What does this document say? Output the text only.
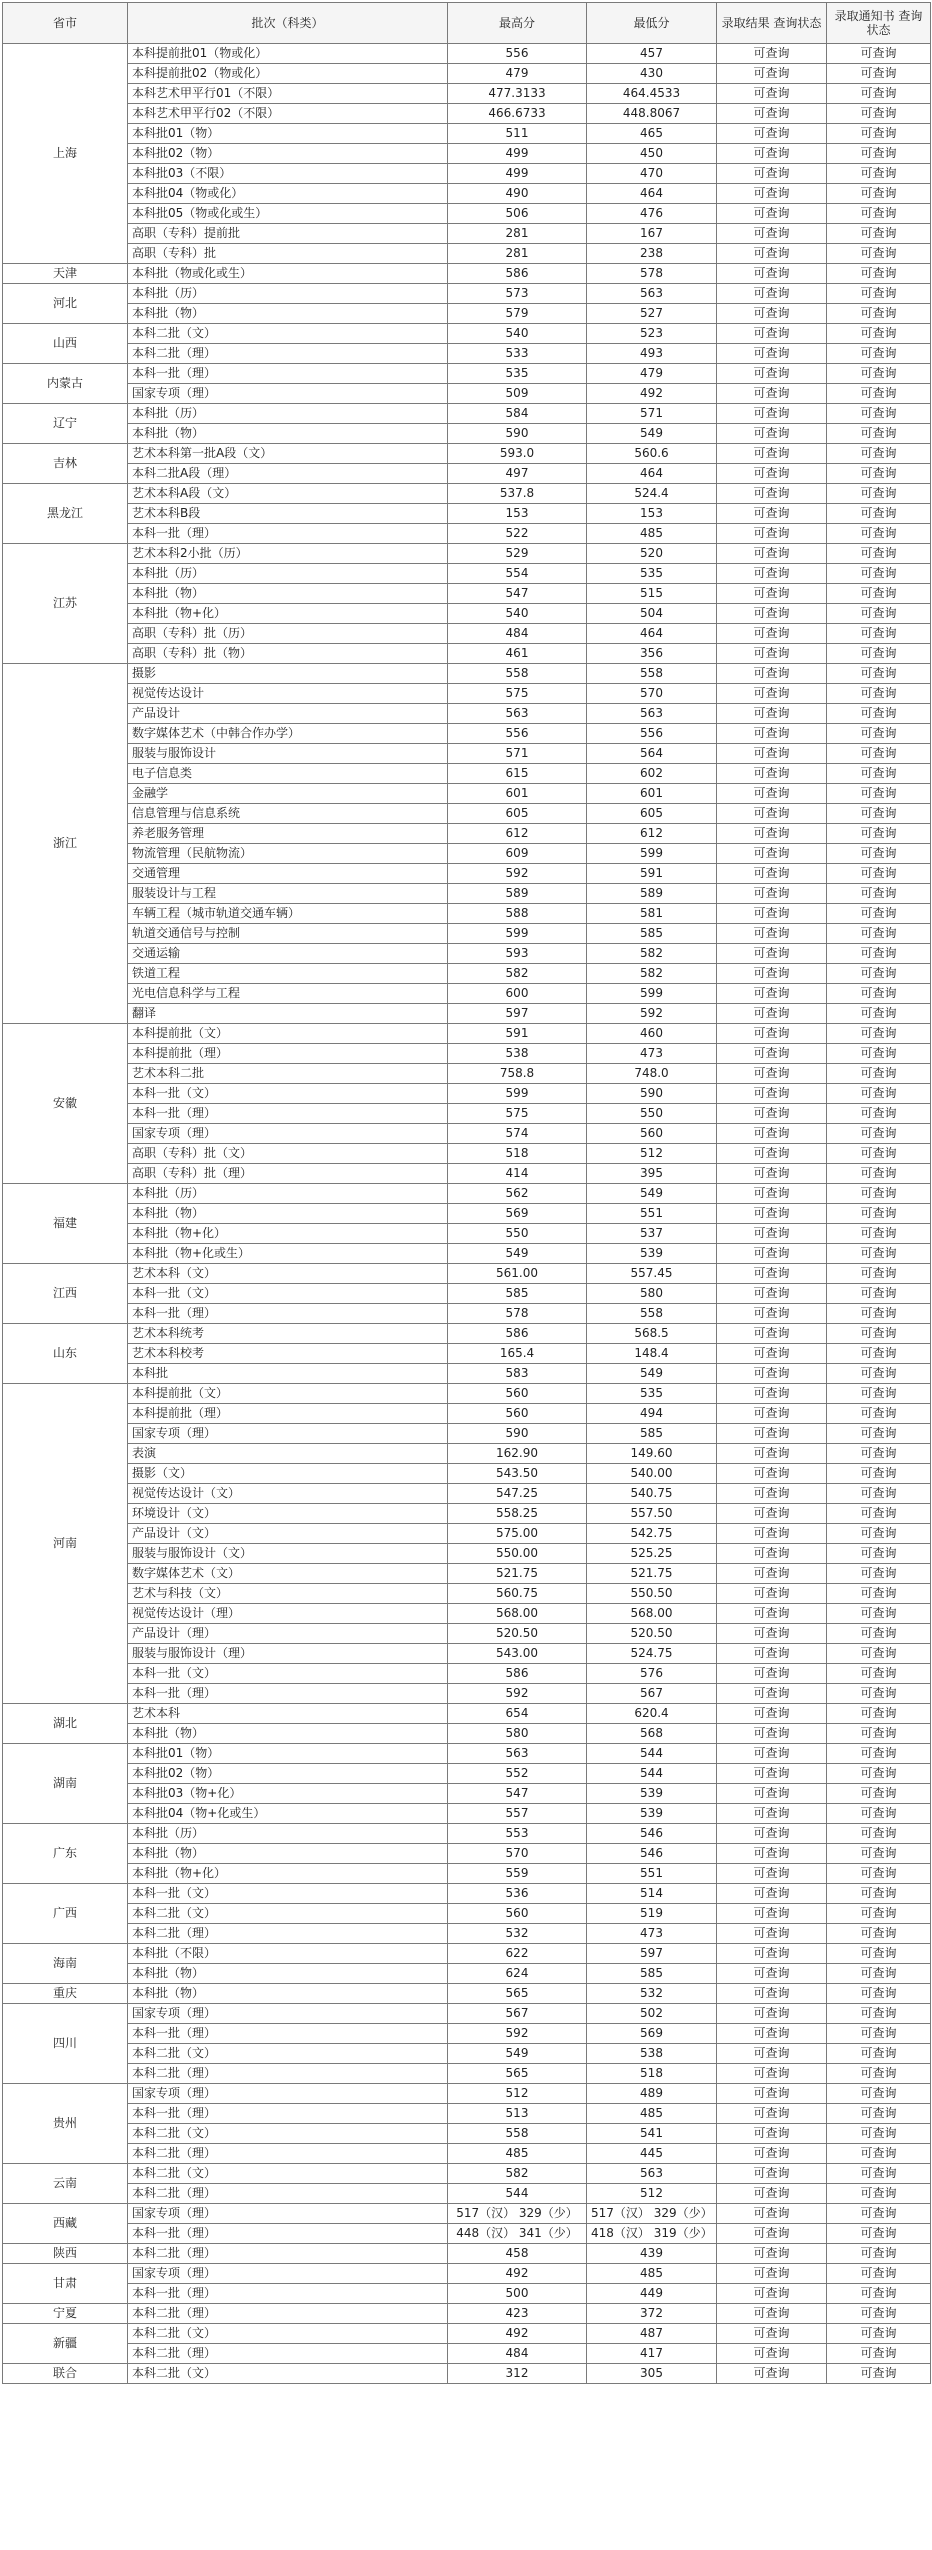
省市	批次（科类）	最高分	最低分	录取结果 查询状态	录取通知书 查询状态
上海	本科提前批01（物或化）	556	457	可查询	可查询
	本科提前批02（物或化）	479	430	可查询	可查询
	本科艺术甲平行01（不限）	477.3133	464.4533	可查询	可查询
	本科艺术甲平行02（不限）	466.6733	448.8067	可查询	可查询
	本科批01（物）	511	465	可查询	可查询
	本科批02（物）	499	450	可查询	可查询
	本科批03（不限）	499	470	可查询	可查询
	本科批04（物或化）	490	464	可查询	可查询
	本科批05（物或化或生）	506	476	可查询	可查询
	高职（专科）提前批	281	167	可查询	可查询
	高职（专科）批	281	238	可查询	可查询
天津	本科批（物或化或生）	586	578	可查询	可查询
河北	本科批（历）	573	563	可查询	可查询
	本科批（物）	579	527	可查询	可查询
山西	本科二批（文）	540	523	可查询	可查询
	本科二批（理）	533	493	可查询	可查询
内蒙古	本科一批（理）	535	479	可查询	可查询
	国家专项（理）	509	492	可查询	可查询
辽宁	本科批（历）	584	571	可查询	可查询
	本科批（物）	590	549	可查询	可查询
吉林	艺术本科第一批A段（文）	593.0	560.6	可查询	可查询
	本科二批A段（理）	497	464	可查询	可查询
黑龙江	艺术本科A段（文）	537.8	524.4	可查询	可查询
	艺术本科B段	153	153	可查询	可查询
	本科一批（理）	522	485	可查询	可查询
江苏	艺术本科2小批（历）	529	520	可查询	可查询
	本科批（历）	554	535	可查询	可查询
	本科批（物）	547	515	可查询	可查询
	本科批（物+化）	540	504	可查询	可查询
	高职（专科）批（历）	484	464	可查询	可查询
	高职（专科）批（物）	461	356	可查询	可查询
浙江	摄影	558	558	可查询	可查询
	视觉传达设计	575	570	可查询	可查询
	产品设计	563	563	可查询	可查询
	数字媒体艺术（中韩合作办学）	556	556	可查询	可查询
	服装与服饰设计	571	564	可查询	可查询
	电子信息类	615	602	可查询	可查询
	金融学	601	601	可查询	可查询
	信息管理与信息系统	605	605	可查询	可查询
	养老服务管理	612	612	可查询	可查询
	物流管理（民航物流）	609	599	可查询	可查询
	交通管理	592	591	可查询	可查询
	服装设计与工程	589	589	可查询	可查询
	车辆工程（城市轨道交通车辆）	588	581	可查询	可查询
	轨道交通信号与控制	599	585	可查询	可查询
	交通运输	593	582	可查询	可查询
	铁道工程	582	582	可查询	可查询
	光电信息科学与工程	600	599	可查询	可查询
	翻译	597	592	可查询	可查询
安徽	本科提前批（文）	591	460	可查询	可查询
	本科提前批（理）	538	473	可查询	可查询
	艺术本科二批	758.8	748.0	可查询	可查询
	本科一批（文）	599	590	可查询	可查询
	本科一批（理）	575	550	可查询	可查询
	国家专项（理）	574	560	可查询	可查询
	高职（专科）批（文）	518	512	可查询	可查询
	高职（专科）批（理）	414	395	可查询	可查询
福建	本科批（历）	562	549	可查询	可查询
	本科批（物）	569	551	可查询	可查询
	本科批（物+化）	550	537	可查询	可查询
	本科批（物+化或生）	549	539	可查询	可查询
江西	艺术本科（文）	561.00	557.45	可查询	可查询
	本科一批（文）	585	580	可查询	可查询
	本科一批（理）	578	558	可查询	可查询
山东	艺术本科统考	586	568.5	可查询	可查询
	艺术本科校考	165.4	148.4	可查询	可查询
	本科批	583	549	可查询	可查询
河南	本科提前批（文）	560	535	可查询	可查询
	本科提前批（理）	560	494	可查询	可查询
	国家专项（理）	590	585	可查询	可查询
	表演	162.90	149.60	可查询	可查询
	摄影（文）	543.50	540.00	可查询	可查询
	视觉传达设计（文）	547.25	540.75	可查询	可查询
	环境设计（文）	558.25	557.50	可查询	可查询
	产品设计（文）	575.00	542.75	可查询	可查询
	服装与服饰设计（文）	550.00	525.25	可查询	可查询
	数字媒体艺术（文）	521.75	521.75	可查询	可查询
	艺术与科技（文）	560.75	550.50	可查询	可查询
	视觉传达设计（理）	568.00	568.00	可查询	可查询
	产品设计（理）	520.50	520.50	可查询	可查询
	服装与服饰设计（理）	543.00	524.75	可查询	可查询
	本科一批（文）	586	576	可查询	可查询
	本科一批（理）	592	567	可查询	可查询
湖北	艺术本科	654	620.4	可查询	可查询
	本科批（物）	580	568	可查询	可查询
湖南	本科批01（物）	563	544	可查询	可查询
	本科批02（物）	552	544	可查询	可查询
	本科批03（物+化）	547	539	可查询	可查询
	本科批04（物+化或生）	557	539	可查询	可查询
广东	本科批（历）	553	546	可查询	可查询
	本科批（物）	570	546	可查询	可查询
	本科批（物+化）	559	551	可查询	可查询
广西	本科一批（文）	536	514	可查询	可查询
	本科二批（文）	560	519	可查询	可查询
	本科二批（理）	532	473	可查询	可查询
海南	本科批（不限）	622	597	可查询	可查询
	本科批（物）	624	585	可查询	可查询
重庆	本科批（物）	565	532	可查询	可查询
四川	国家专项（理）	567	502	可查询	可查询
	本科一批（理）	592	569	可查询	可查询
	本科二批（文）	549	538	可查询	可查询
	本科二批（理）	565	518	可查询	可查询
贵州	国家专项（理）	512	489	可查询	可查询
	本科一批（理）	513	485	可查询	可查询
	本科二批（文）	558	541	可查询	可查询
	本科二批（理）	485	445	可查询	可查询
云南	本科二批（文）	582	563	可查询	可查询
	本科二批（理）	544	512	可查询	可查询
西藏	国家专项（理）	517（汉） 329（少）	517（汉） 329（少）	可查询	可查询
	本科一批（理）	448（汉） 341（少）	418（汉） 319（少）	可查询	可查询
陕西	本科二批（理）	458	439	可查询	可查询
甘肃	国家专项（理）	492	485	可查询	可查询
	本科一批（理）	500	449	可查询	可查询
宁夏	本科二批（理）	423	372	可查询	可查询
新疆	本科二批（文）	492	487	可查询	可查询
	本科二批（理）	484	417	可查询	可查询
联合	本科二批（文）	312	305	可查询	可查询
